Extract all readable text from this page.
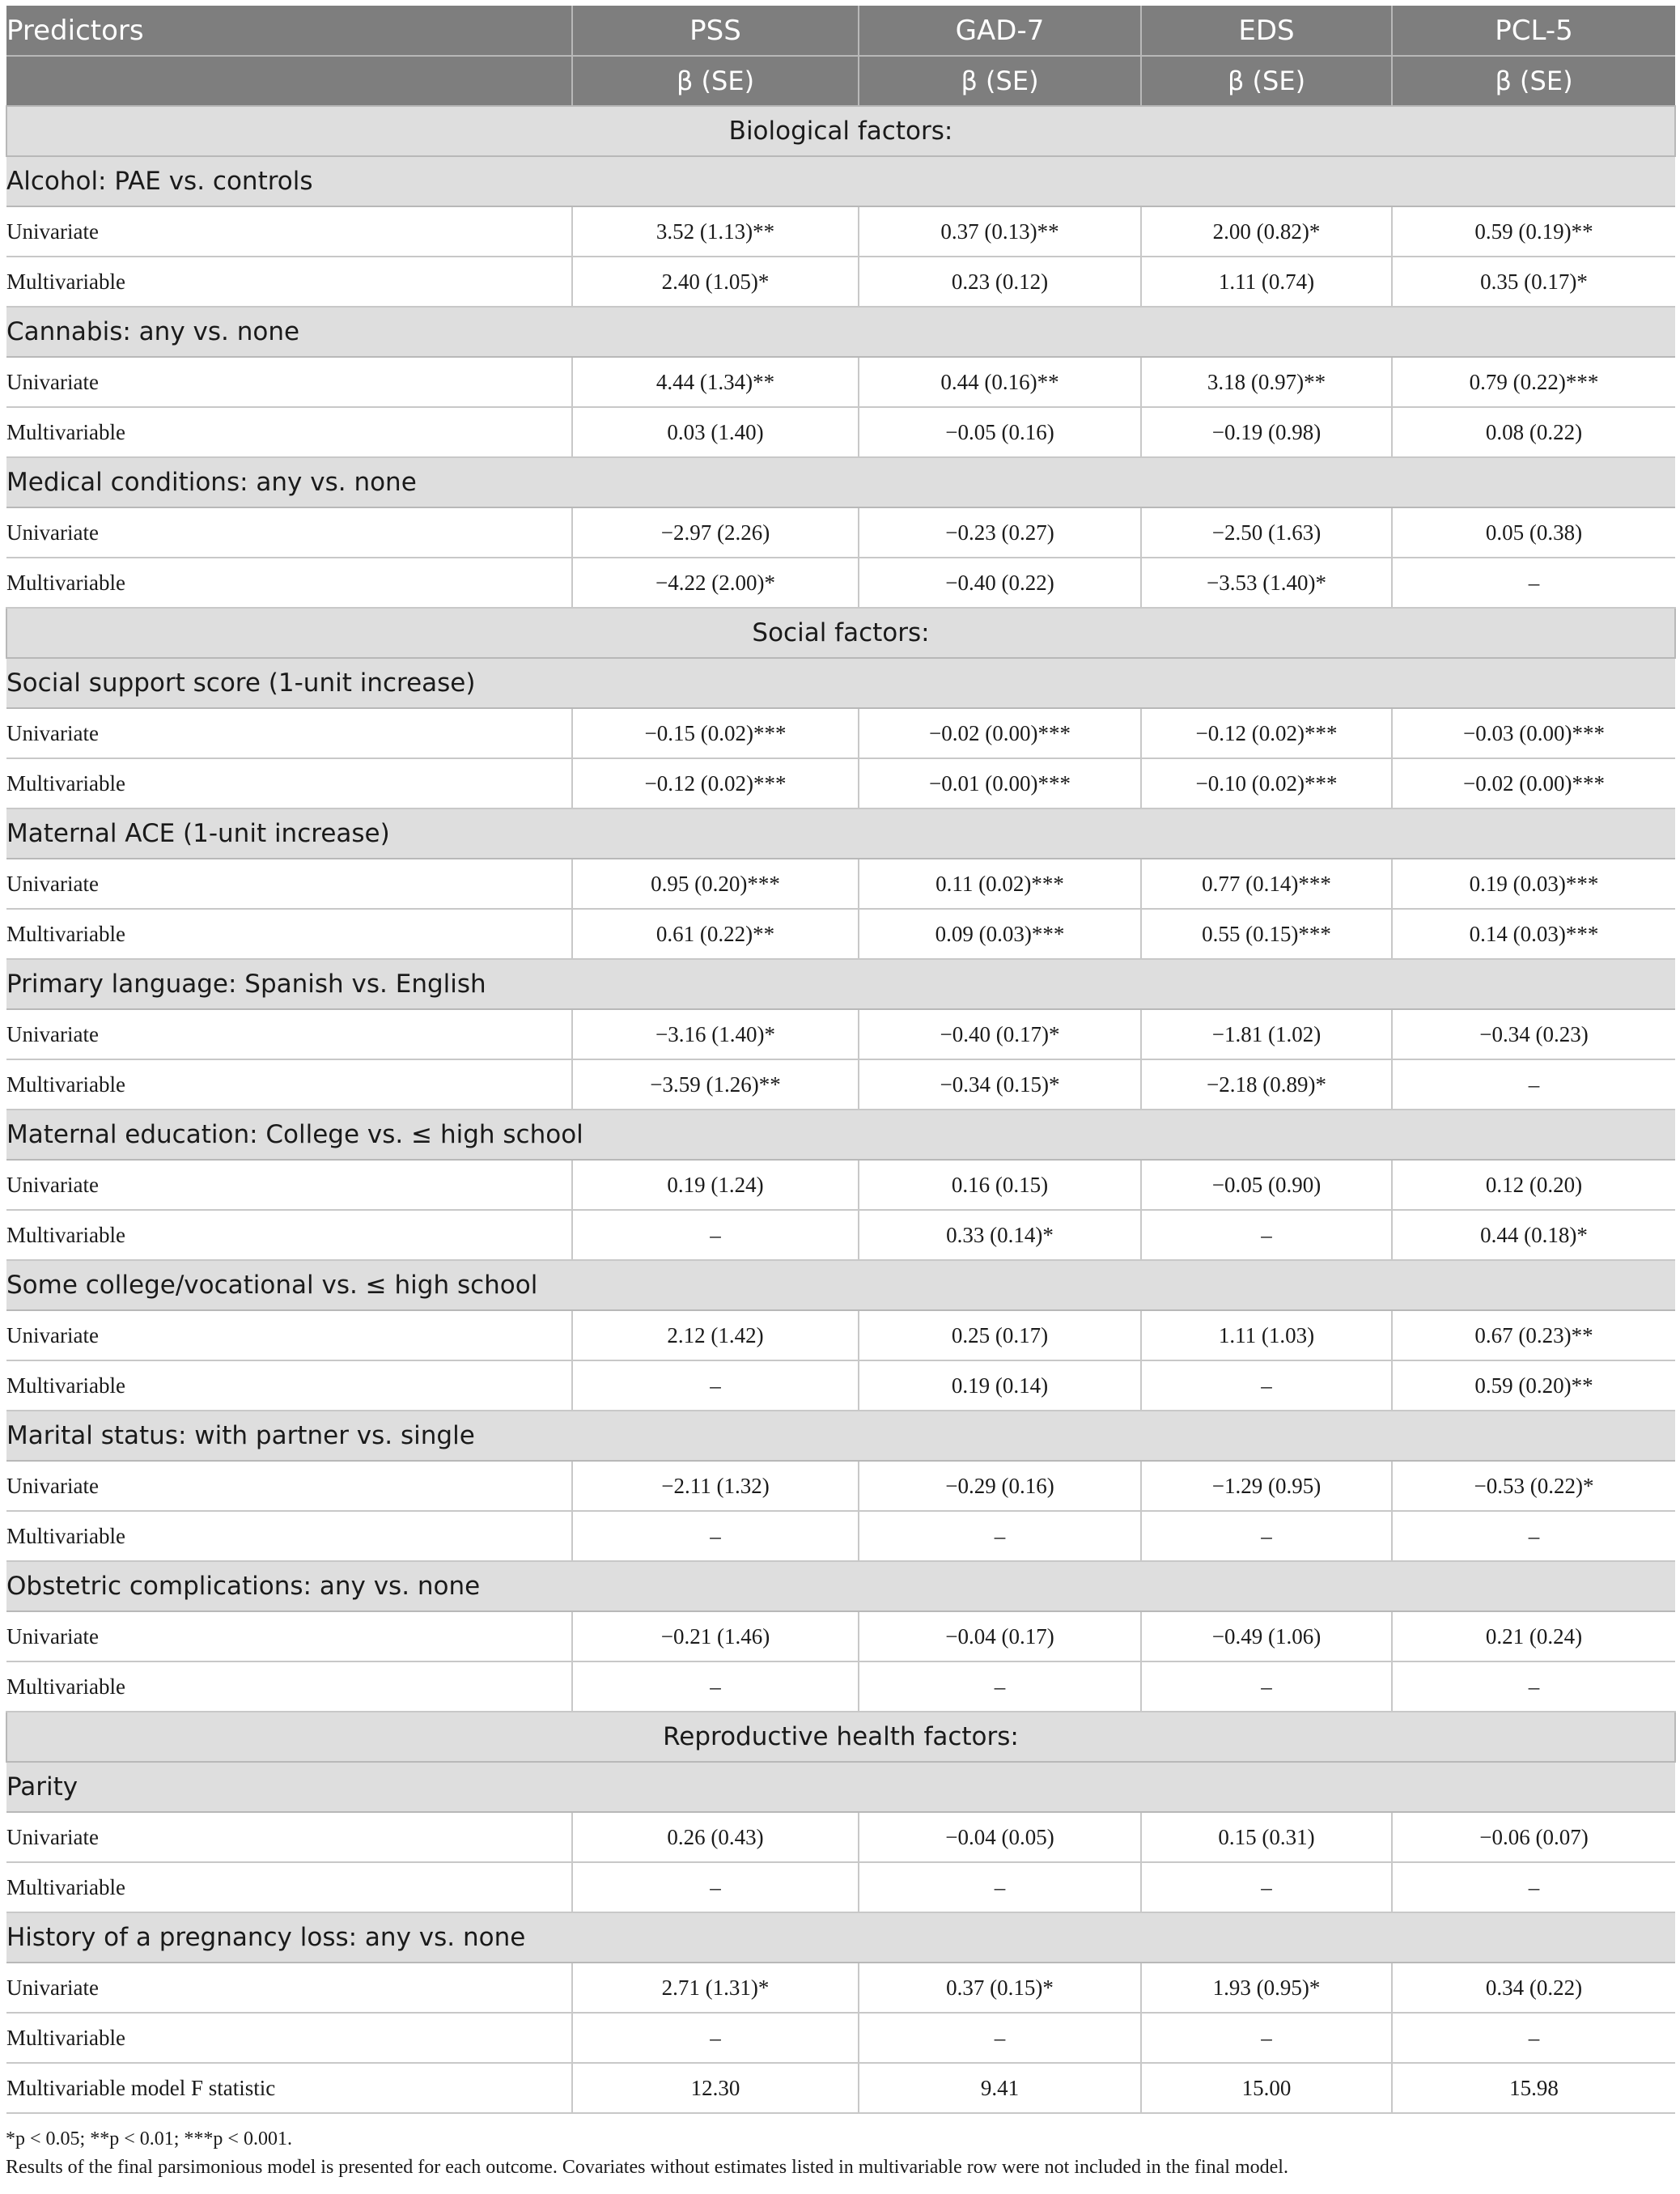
Predictors	PSS	GAD-7	EDS	PCL-5
	β (SE)	β (SE)	β (SE)	β (SE)
Biological factors:				
Alcohol: PAE vs. controls				
Univariate	3.52 (1.13)**	0.37 (0.13)**	2.00 (0.82)*	0.59 (0.19)**
Multivariable	2.40 (1.05)*	0.23 (0.12)	1.11 (0.74)	0.35 (0.17)*
Cannabis: any vs. none				
Univariate	4.44 (1.34)**	0.44 (0.16)**	3.18 (0.97)**	0.79 (0.22)***
Multivariable	0.03 (1.40)	−0.05 (0.16)	−0.19 (0.98)	0.08 (0.22)
Medical conditions: any vs. none				
Univariate	−2.97 (2.26)	−0.23 (0.27)	−2.50 (1.63)	0.05 (0.38)
Multivariable	−4.22 (2.00)*	−0.40 (0.22)	−3.53 (1.40)*	–
Social factors:				
Social support score (1-unit increase)				
Univariate	−0.15 (0.02)***	−0.02 (0.00)***	−0.12 (0.02)***	−0.03 (0.00)***
Multivariable	−0.12 (0.02)***	−0.01 (0.00)***	−0.10 (0.02)***	−0.02 (0.00)***
Maternal ACE (1-unit increase)				
Univariate	0.95 (0.20)***	0.11 (0.02)***	0.77 (0.14)***	0.19 (0.03)***
Multivariable	0.61 (0.22)**	0.09 (0.03)***	0.55 (0.15)***	0.14 (0.03)***
Primary language: Spanish vs. English				
Univariate	−3.16 (1.40)*	−0.40 (0.17)*	−1.81 (1.02)	−0.34 (0.23)
Multivariable	−3.59 (1.26)**	−0.34 (0.15)*	−2.18 (0.89)*	–
Maternal education: College vs. ≤ high school				
Univariate	0.19 (1.24)	0.16 (0.15)	−0.05 (0.90)	0.12 (0.20)
Multivariable	–	0.33 (0.14)*	–	0.44 (0.18)*
Some college/vocational vs. ≤ high school				
Univariate	2.12 (1.42)	0.25 (0.17)	1.11 (1.03)	0.67 (0.23)**
Multivariable	–	0.19 (0.14)	–	0.59 (0.20)**
Marital status: with partner vs. single				
Univariate	−2.11 (1.32)	−0.29 (0.16)	−1.29 (0.95)	−0.53 (0.22)*
Multivariable	–	–	–	–
Obstetric complications: any vs. none				
Univariate	−0.21 (1.46)	−0.04 (0.17)	−0.49 (1.06)	0.21 (0.24)
Multivariable	–	–	–	–
Reproductive health factors:				
Parity				
Univariate	0.26 (0.43)	−0.04 (0.05)	0.15 (0.31)	−0.06 (0.07)
Multivariable	–	–	–	–
History of a pregnancy loss: any vs. none				
Univariate	2.71 (1.31)*	0.37 (0.15)*	1.93 (0.95)*	0.34 (0.22)
Multivariable	–	–	–	–
Multivariable model F statistic	12.30	9.41	15.00	15.98
*p < 0.05; **p < 0.01; ***p < 0.001.
Results of the final parsimonious model is presented for each outcome. Covariates without estimates listed in multivariable row were not included in the final model.
